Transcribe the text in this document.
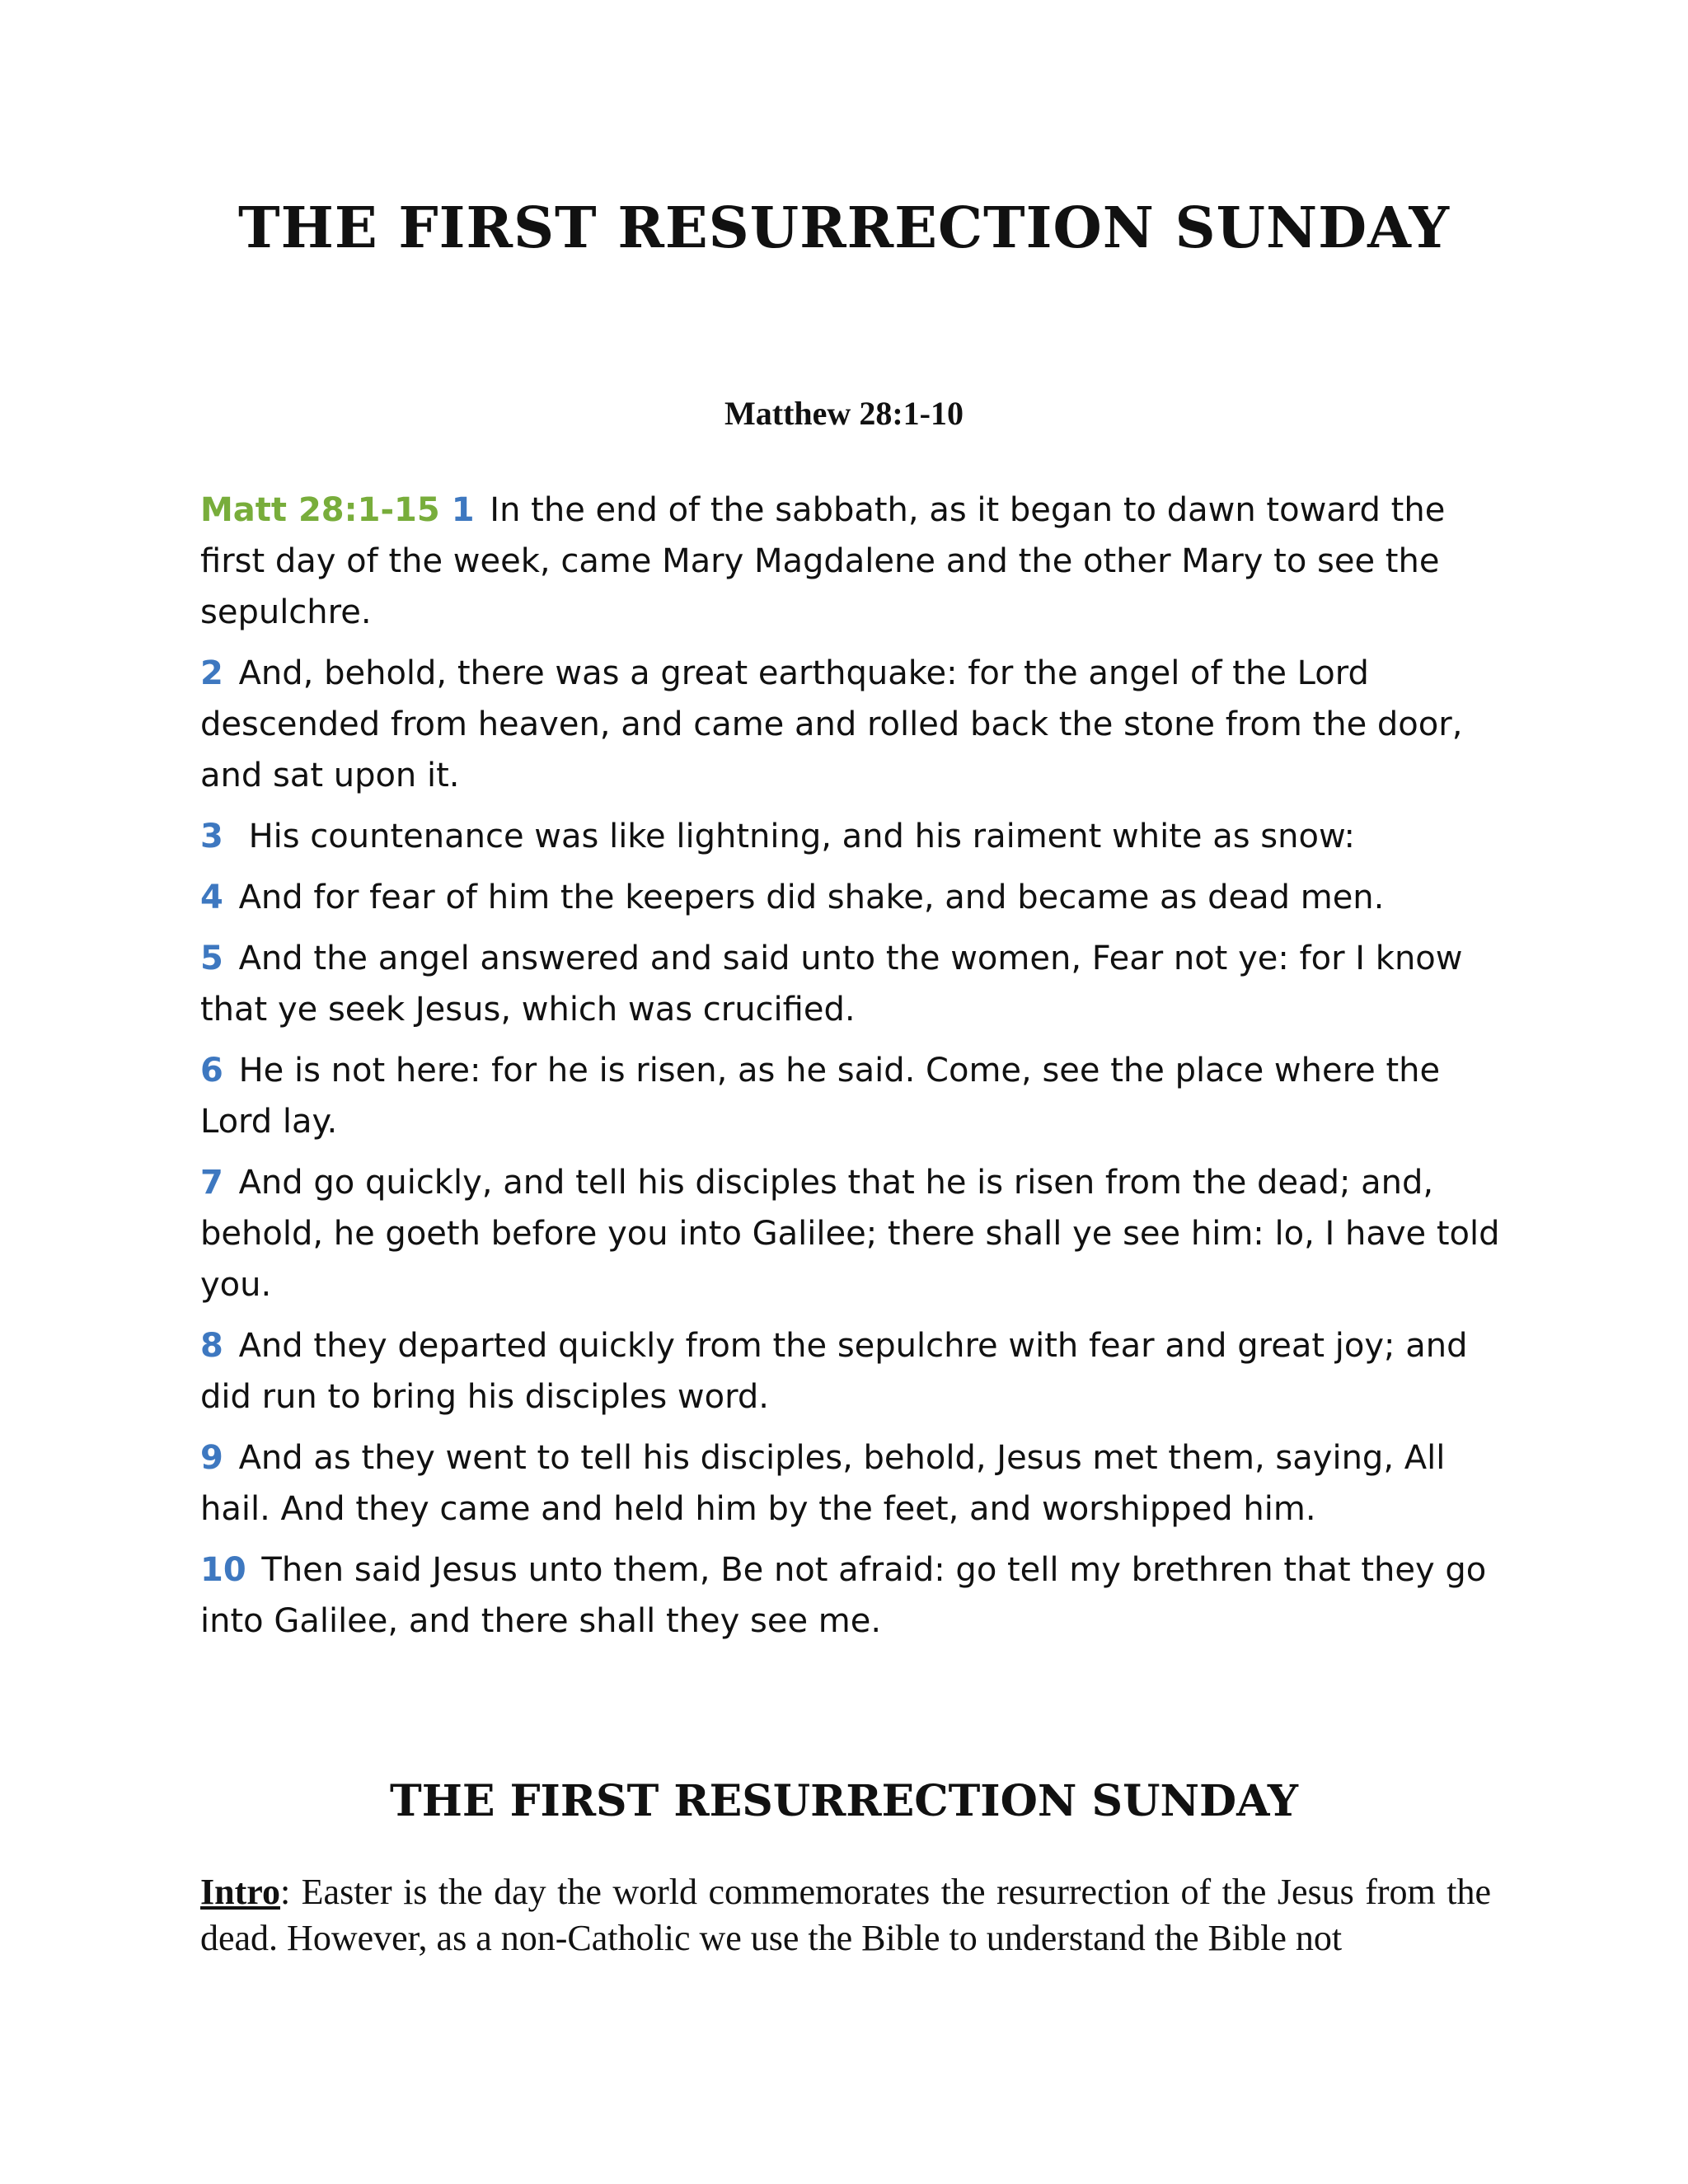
THE FIRST RESURRECTION SUNDAY
Matthew 28:1-10

Matt 28:1-15 1 In the end of the sabbath, as it began to dawn toward the first day of the week, came Mary Magdalene and the other Mary to see the sepulchre.

2 And, behold, there was a great earthquake: for the angel of the Lord descended from heaven, and came and rolled back the stone from the door, and sat upon it.

3 His countenance was like lightning, and his raiment white as snow:

4 And for fear of him the keepers did shake, and became as dead men.

5 And the angel answered and said unto the women, Fear not ye: for I know that ye seek Jesus, which was crucified.

6 He is not here: for he is risen, as he said. Come, see the place where the Lord lay.

7 And go quickly, and tell his disciples that he is risen from the dead; and, behold, he goeth before you into Galilee; there shall ye see him: lo, I have told you.

8 And they departed quickly from the sepulchre with fear and great joy; and did run to bring his disciples word.

9 And as they went to tell his disciples, behold, Jesus met them, saying, All hail. And they came and held him by the feet, and worshipped him.

10 Then said Jesus unto them, Be not afraid: go tell my brethren that they go into Galilee, and there shall they see me.

THE FIRST RESURRECTION SUNDAY

Intro: Easter is the day the world commemorates the resurrection of the Jesus from the dead. However, as a non-Catholic we use the Bible to understand the Bible not
